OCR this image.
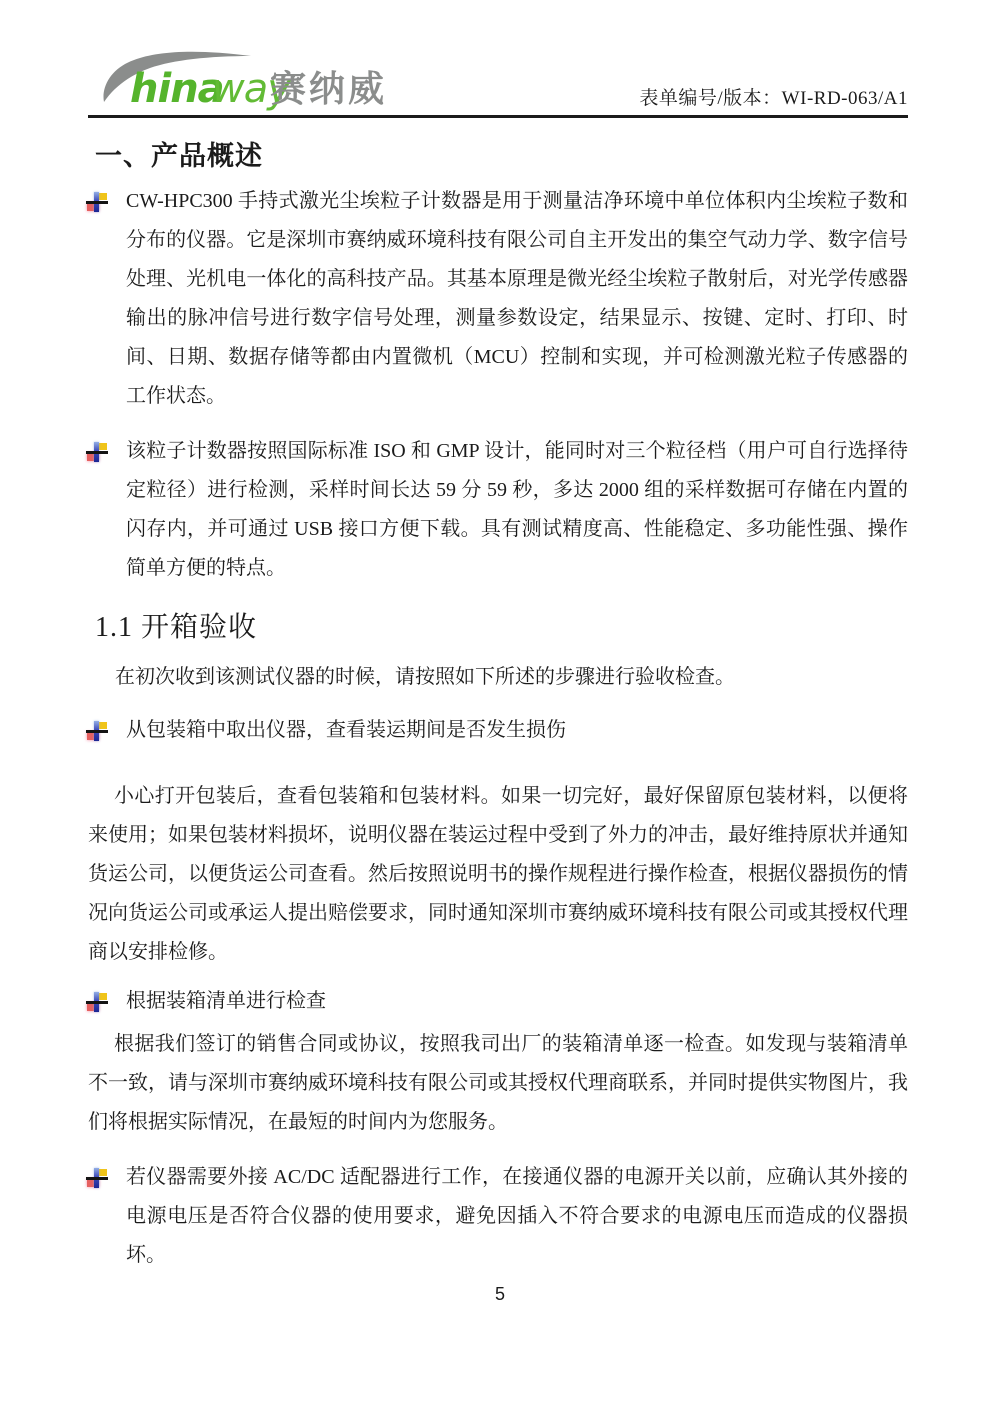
hina
way
赛纳威	表单编号/版本：WI-RD-063/A1
一、产品概述
CW-HPC300 手持式激光尘埃粒子计数器是用于测量洁净环境中单位体积内尘埃粒子数和分布的仪器。它是深圳市赛纳威环境科技有限公司自主开发出的集空气动力学、数字信号处理、光机电一体化的高科技产品。其基本原理是微光经尘埃粒子散射后，对光学传感器输出的脉冲信号进行数字信号处理，测量参数设定，结果显示、按键、定时、打印、时间、日期、数据存储等都由内置微机（MCU）控制和实现，并可检测激光粒子传感器的工作状态。
该粒子计数器按照国际标准 ISO 和 GMP 设计，能同时对三个粒径档（用户可自行选择待定粒径）进行检测，采样时间长达 59 分 59 秒，多达 2000 组的采样数据可存储在内置的闪存内，并可通过 USB 接口方便下载。具有测试精度高、性能稳定、多功能性强、操作简单方便的特点。
1.1 开箱验收
在初次收到该测试仪器的时候，请按照如下所述的步骤进行验收检查。
从包装箱中取出仪器，查看装运期间是否发生损伤
小心打开包装后，查看包装箱和包装材料。如果一切完好，最好保留原包装材料，以便将来使用；如果包装材料损坏，说明仪器在装运过程中受到了外力的冲击，最好维持原状并通知货运公司，以便货运公司查看。然后按照说明书的操作规程进行操作检查，根据仪器损伤的情况向货运公司或承运人提出赔偿要求，同时通知深圳市赛纳威环境科技有限公司或其授权代理商以安排检修。
根据装箱清单进行检查
根据我们签订的销售合同或协议，按照我司出厂的装箱清单逐一检查。如发现与装箱清单不一致，请与深圳市赛纳威环境科技有限公司或其授权代理商联系，并同时提供实物图片，我们将根据实际情况，在最短的时间内为您服务。
若仪器需要外接 AC/DC 适配器进行工作，在接通仪器的电源开关以前，应确认其外接的电源电压是否符合仪器的使用要求，避免因插入不符合要求的电源电压而造成的仪器损坏。
5
